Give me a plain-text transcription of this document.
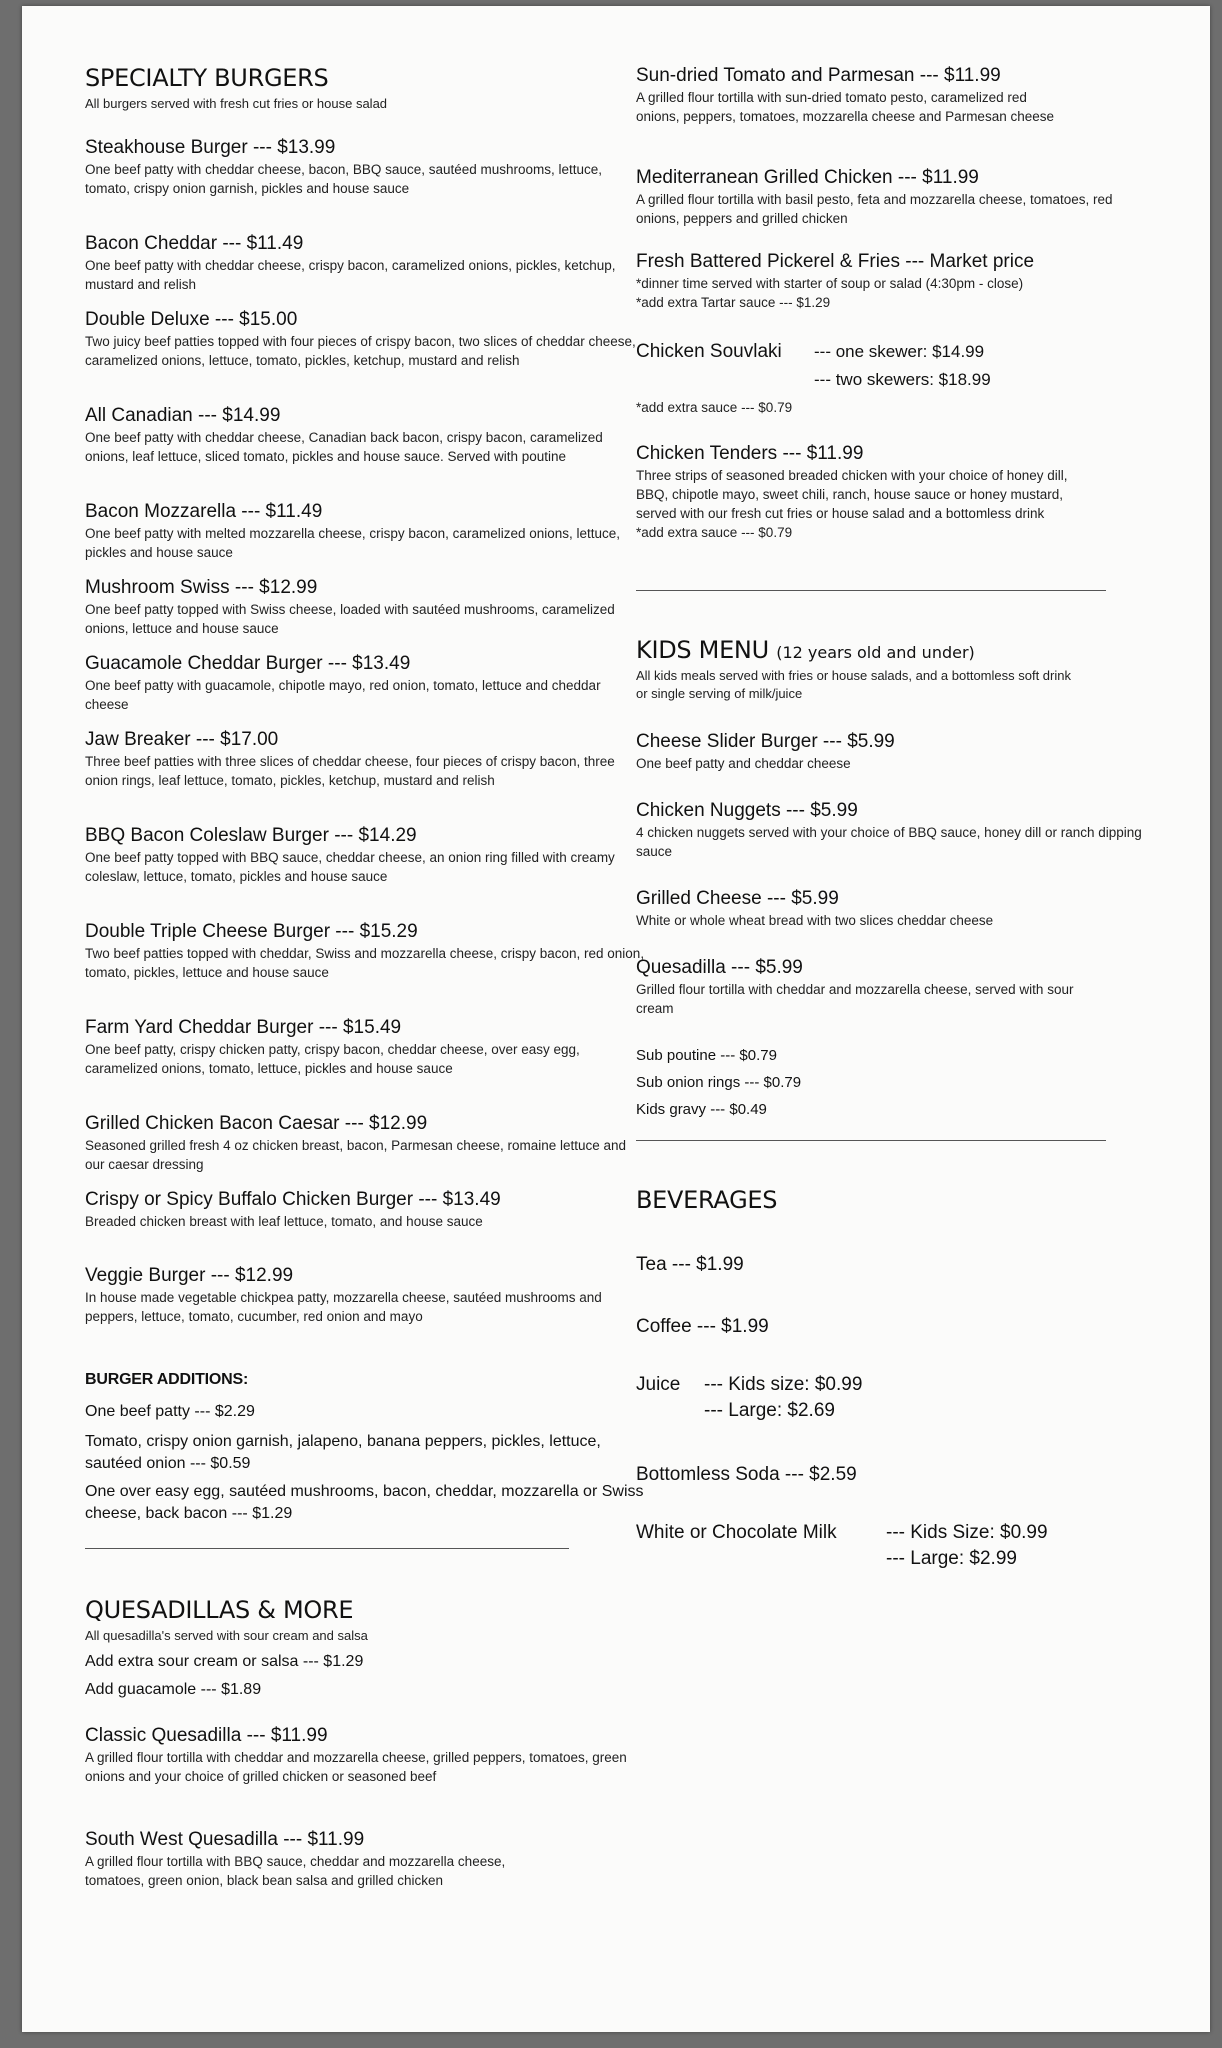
SPECIALTY BURGERS
All burgers served with fresh cut fries or house salad
Steakhouse Burger --- $13.99
One beef patty with cheddar cheese, bacon, BBQ sauce, sautéed mushrooms, lettuce, tomato, crispy onion garnish, pickles and house sauce
Bacon Cheddar --- $11.49
One beef patty with cheddar cheese, crispy bacon, caramelized onions, pickles, ketchup, mustard and relish
Double Deluxe --- $15.00
Two juicy beef patties topped with four pieces of crispy bacon, two slices of cheddar cheese, caramelized onions, lettuce, tomato, pickles, ketchup, mustard and relish
All Canadian --- $14.99
One beef patty with cheddar cheese, Canadian back bacon, crispy bacon, caramelized onions, leaf lettuce, sliced tomato, pickles and house sauce. Served with poutine
Bacon Mozzarella --- $11.49
One beef patty with melted mozzarella cheese, crispy bacon, caramelized onions, lettuce, pickles and house sauce
Mushroom Swiss --- $12.99
One beef patty topped with Swiss cheese, loaded with sautéed mushrooms, caramelized onions, lettuce and house sauce
Guacamole Cheddar Burger --- $13.49
One beef patty with guacamole, chipotle mayo, red onion, tomato, lettuce and cheddar cheese
Jaw Breaker --- $17.00
Three beef patties with three slices of cheddar cheese, four pieces of crispy bacon, three onion rings, leaf lettuce, tomato, pickles, ketchup, mustard and relish
BBQ Bacon Coleslaw Burger --- $14.29
One beef patty topped with BBQ sauce, cheddar cheese, an onion ring filled with creamy coleslaw, lettuce, tomato, pickles and house sauce
Double Triple Cheese Burger --- $15.29
Two beef patties topped with cheddar, Swiss and mozzarella cheese, crispy bacon, red onion, tomato, pickles, lettuce and house sauce
Farm Yard Cheddar Burger --- $15.49
One beef patty, crispy chicken patty, crispy bacon, cheddar cheese, over easy egg, caramelized onions, tomato, lettuce, pickles and house sauce
Grilled Chicken Bacon Caesar --- $12.99
Seasoned grilled fresh 4 oz chicken breast, bacon, Parmesan cheese, romaine lettuce and our caesar dressing
Crispy or Spicy Buffalo Chicken Burger --- $13.49
Breaded chicken breast with leaf lettuce, tomato, and house sauce
Veggie Burger --- $12.99
In house made vegetable chickpea patty, mozzarella cheese, sautéed mushrooms and peppers, lettuce, tomato, cucumber, red onion and mayo
BURGER ADDITIONS:
One beef patty --- $2.29
Tomato, crispy onion garnish, jalapeno, banana peppers, pickles, lettuce, sautéed onion --- $0.59
One over easy egg, sautéed mushrooms, bacon, cheddar, mozzarella or Swiss cheese, back bacon --- $1.29
QUESADILLAS & MORE
All quesadilla's served with sour cream and salsa
Add extra sour cream or salsa --- $1.29
Add guacamole --- $1.89
Classic Quesadilla --- $11.99
A grilled flour tortilla with cheddar and mozzarella cheese, grilled peppers, tomatoes, green onions and your choice of grilled chicken or seasoned beef
South West Quesadilla --- $11.99
A grilled flour tortilla with BBQ sauce, cheddar and mozzarella cheese, tomatoes, green onion, black bean salsa and grilled chicken
Sun-dried Tomato and Parmesan --- $11.99
A grilled flour tortilla with sun-dried tomato pesto, caramelized red onions, peppers, tomatoes, mozzarella cheese and Parmesan cheese
Mediterranean Grilled Chicken --- $11.99
A grilled flour tortilla with basil pesto, feta and mozzarella cheese, tomatoes, red onions, peppers and grilled chicken
Fresh Battered Pickerel & Fries --- Market price
*dinner time served with starter of soup or salad (4:30pm - close)
*add extra Tartar sauce --- $1.29
Chicken Souvlaki	--- one skewer: $14.99
--- two skewers: $18.99
*add extra sauce --- $0.79
Chicken Tenders --- $11.99
Three strips of seasoned breaded chicken with your choice of honey dill, BBQ, chipotle mayo, sweet chili, ranch, house sauce or honey mustard, served with our fresh cut fries or house salad and a bottomless drink
*add extra sauce --- $0.79
KIDS MENU (12 years old and under)
All kids meals served with fries or house salads, and a bottomless soft drink or single serving of milk/juice
Cheese Slider Burger --- $5.99
One beef patty and cheddar cheese
Chicken Nuggets --- $5.99
4 chicken nuggets served with your choice of BBQ sauce, honey dill or ranch dipping sauce
Grilled Cheese --- $5.99
White or whole wheat bread with two slices cheddar cheese
Quesadilla --- $5.99
Grilled flour tortilla with cheddar and mozzarella cheese, served with sour cream
Sub poutine --- $0.79
Sub onion rings --- $0.79
Kids gravy --- $0.49
BEVERAGES
Tea --- $1.99
Coffee --- $1.99
Juice	--- Kids size: $0.99
--- Large: $2.69
Bottomless Soda --- $2.59
White or Chocolate Milk	--- Kids Size: $0.99
--- Large: $2.99
